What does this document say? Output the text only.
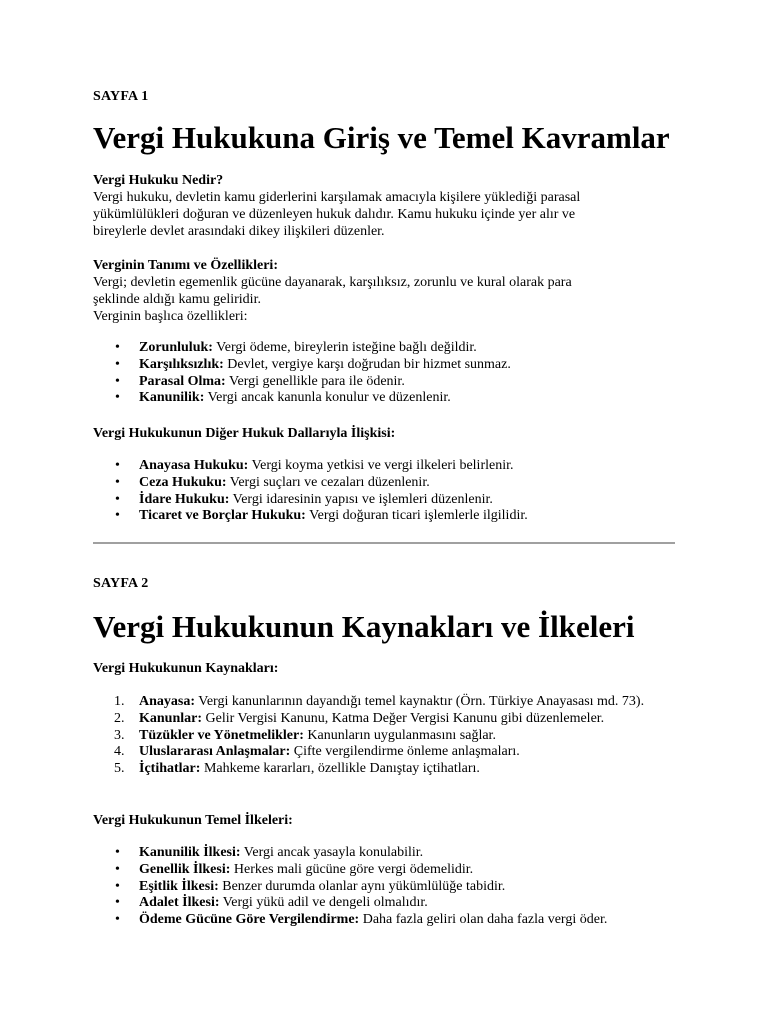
SAYFA 1
Vergi Hukukuna Giriş ve Temel Kavramlar
Vergi Hukuku Nedir?
Vergi hukuku, devletin kamu giderlerini karşılamak amacıyla kişilere yüklediği parasal
yükümlülükleri doğuran ve düzenleyen hukuk dalıdır. Kamu hukuku içinde yer alır ve
bireylerle devlet arasındaki dikey ilişkileri düzenler.
Verginin Tanımı ve Özellikleri:
Vergi; devletin egemenlik gücüne dayanarak, karşılıksız, zorunlu ve kural olarak para
şeklinde aldığı kamu geliridir.
Verginin başlıca özellikleri:
• Zorunluluk: Vergi ödeme, bireylerin isteğine bağlı değildir.
• Karşılıksızlık: Devlet, vergiye karşı doğrudan bir hizmet sunmaz.
• Parasal Olma: Vergi genellikle para ile ödenir.
• Kanunilik: Vergi ancak kanunla konulur ve düzenlenir.
Vergi Hukukunun Diğer Hukuk Dallarıyla İlişkisi:
• Anayasa Hukuku: Vergi koyma yetkisi ve vergi ilkeleri belirlenir.
• Ceza Hukuku: Vergi suçları ve cezaları düzenlenir.
• İdare Hukuku: Vergi idaresinin yapısı ve işlemleri düzenlenir.
• Ticaret ve Borçlar Hukuku: Vergi doğuran ticari işlemlerle ilgilidir.
SAYFA 2
Vergi Hukukunun Kaynakları ve İlkeleri
Vergi Hukukunun Kaynakları:
1. Anayasa: Vergi kanunlarının dayandığı temel kaynaktır (Örn. Türkiye Anayasası md. 73).
2. Kanunlar: Gelir Vergisi Kanunu, Katma Değer Vergisi Kanunu gibi düzenlemeler.
3. Tüzükler ve Yönetmelikler: Kanunların uygulanmasını sağlar.
4. Uluslararası Anlaşmalar: Çifte vergilendirme önleme anlaşmaları.
5. İçtihatlar: Mahkeme kararları, özellikle Danıştay içtihatları.
Vergi Hukukunun Temel İlkeleri:
• Kanunilik İlkesi: Vergi ancak yasayla konulabilir.
• Genellik İlkesi: Herkes mali gücüne göre vergi ödemelidir.
• Eşitlik İlkesi: Benzer durumda olanlar aynı yükümlülüğe tabidir.
• Adalet İlkesi: Vergi yükü adil ve dengeli olmalıdır.
• Ödeme Gücüne Göre Vergilendirme: Daha fazla geliri olan daha fazla vergi öder.
